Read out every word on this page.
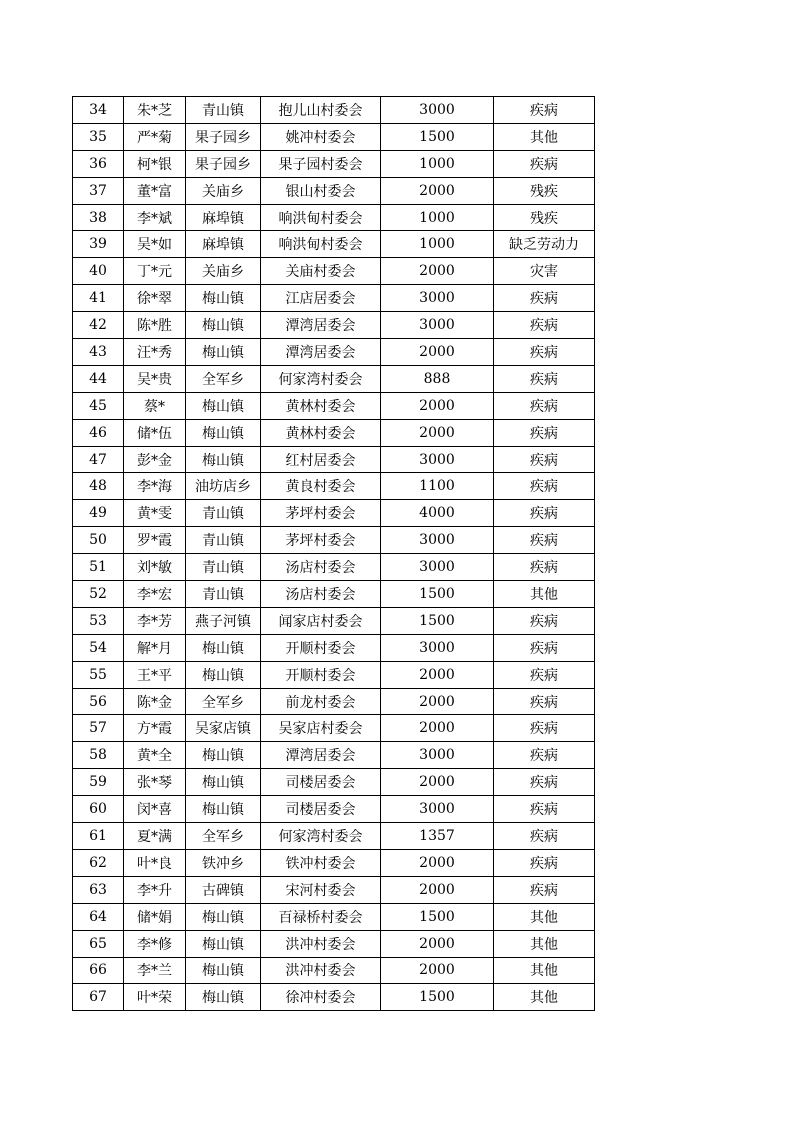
34	朱*芝	青山镇	抱儿山村委会	3000	疾病
35	严*菊	果子园乡	姚冲村委会	1500	其他
36	柯*银	果子园乡	果子园村委会	1000	疾病
37	董*富	关庙乡	银山村委会	2000	残疾
38	李*斌	麻埠镇	响洪甸村委会	1000	残疾
39	吴*如	麻埠镇	响洪甸村委会	1000	缺乏劳动力
40	丁*元	关庙乡	关庙村委会	2000	灾害
41	徐*翠	梅山镇	江店居委会	3000	疾病
42	陈*胜	梅山镇	潭湾居委会	3000	疾病
43	汪*秀	梅山镇	潭湾居委会	2000	疾病
44	吴*贵	全军乡	何家湾村委会	888	疾病
45	蔡*	梅山镇	黄林村委会	2000	疾病
46	储*伍	梅山镇	黄林村委会	2000	疾病
47	彭*金	梅山镇	红村居委会	3000	疾病
48	李*海	油坊店乡	黄良村委会	1100	疾病
49	黄*雯	青山镇	茅坪村委会	4000	疾病
50	罗*霞	青山镇	茅坪村委会	3000	疾病
51	刘*敏	青山镇	汤店村委会	3000	疾病
52	李*宏	青山镇	汤店村委会	1500	其他
53	李*芳	燕子河镇	闻家店村委会	1500	疾病
54	解*月	梅山镇	开顺村委会	3000	疾病
55	王*平	梅山镇	开顺村委会	2000	疾病
56	陈*金	全军乡	前龙村委会	2000	疾病
57	方*霞	吴家店镇	吴家店村委会	2000	疾病
58	黄*全	梅山镇	潭湾居委会	3000	疾病
59	张*琴	梅山镇	司楼居委会	2000	疾病
60	闵*喜	梅山镇	司楼居委会	3000	疾病
61	夏*满	全军乡	何家湾村委会	1357	疾病
62	叶*良	铁冲乡	铁冲村委会	2000	疾病
63	李*升	古碑镇	宋河村委会	2000	疾病
64	储*娟	梅山镇	百禄桥村委会	1500	其他
65	李*修	梅山镇	洪冲村委会	2000	其他
66	李*兰	梅山镇	洪冲村委会	2000	其他
67	叶*荣	梅山镇	徐冲村委会	1500	其他
